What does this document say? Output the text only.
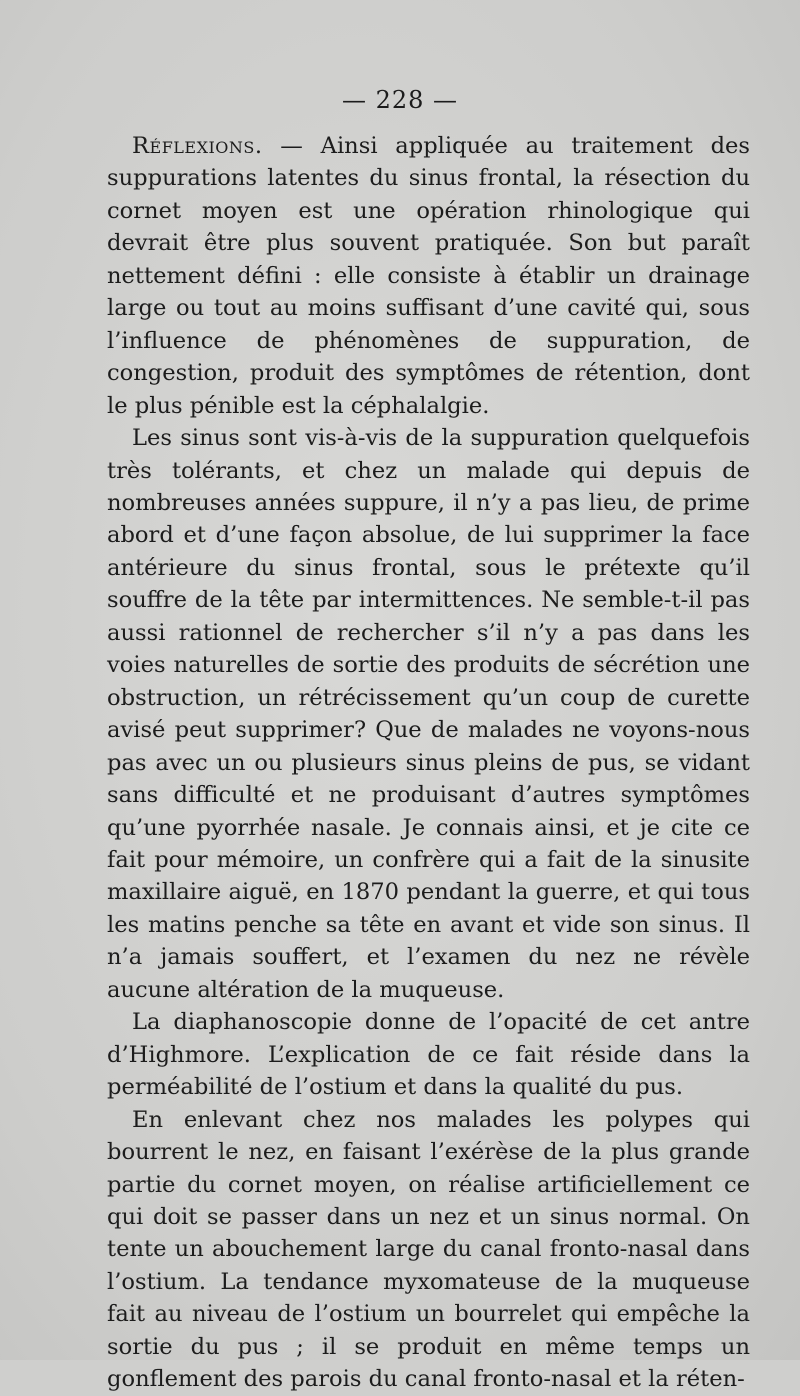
— 228 —

Réflexions. — Ainsi appliquée au traitement des suppurations latentes du sinus frontal, la résection du cornet moyen est une opération rhinologique qui devrait être plus souvent pratiquée. Son but paraît nettement défini : elle consiste à établir un drainage large ou tout au moins suffisant d’une cavité qui, sous l’influence de phénomènes de suppuration, de congestion, produit des symptômes de rétention, dont le plus pénible est la céphalalgie.

Les sinus sont vis-à-vis de la suppuration quelquefois très tolérants, et chez un malade qui depuis de nombreuses années suppure, il n’y a pas lieu, de prime abord et d’une façon absolue, de lui supprimer la face antérieure du sinus frontal, sous le prétexte qu’il souffre de la tête par intermittences. Ne semble-t-il pas aussi rationnel de rechercher s’il n’y a pas dans les voies naturelles de sortie des produits de sécrétion une obstruction, un rétrécissement qu’un coup de curette avisé peut supprimer? Que de malades ne voyons-nous pas avec un ou plusieurs sinus pleins de pus, se vidant sans difficulté et ne produisant d’autres symptômes qu’une pyorrhée nasale. Je connais ainsi, et je cite ce fait pour mémoire, un confrère qui a fait de la sinusite maxillaire aiguë, en 1870 pendant la guerre, et qui tous les matins penche sa tête en avant et vide son sinus. Il n’a jamais souffert, et l’examen du nez ne révèle aucune altération de la muqueuse.

La diaphanoscopie donne de l’opacité de cet antre d’Highmore. L’explication de ce fait réside dans la perméabilité de l’ostium et dans la qualité du pus.

En enlevant chez nos malades les polypes qui bourrent le nez, en faisant l’exérèse de la plus grande partie du cornet moyen, on réalise artificiellement ce qui doit se passer dans un nez et un sinus normal. On tente un abouchement large du canal fronto-nasal dans l’ostium. La tendance myxomateuse de la muqueuse fait au niveau de l’ostium un bourrelet qui empêche la sortie du pus ; il se produit en même temps un gonflement des parois du canal fronto-nasal et la réten-
